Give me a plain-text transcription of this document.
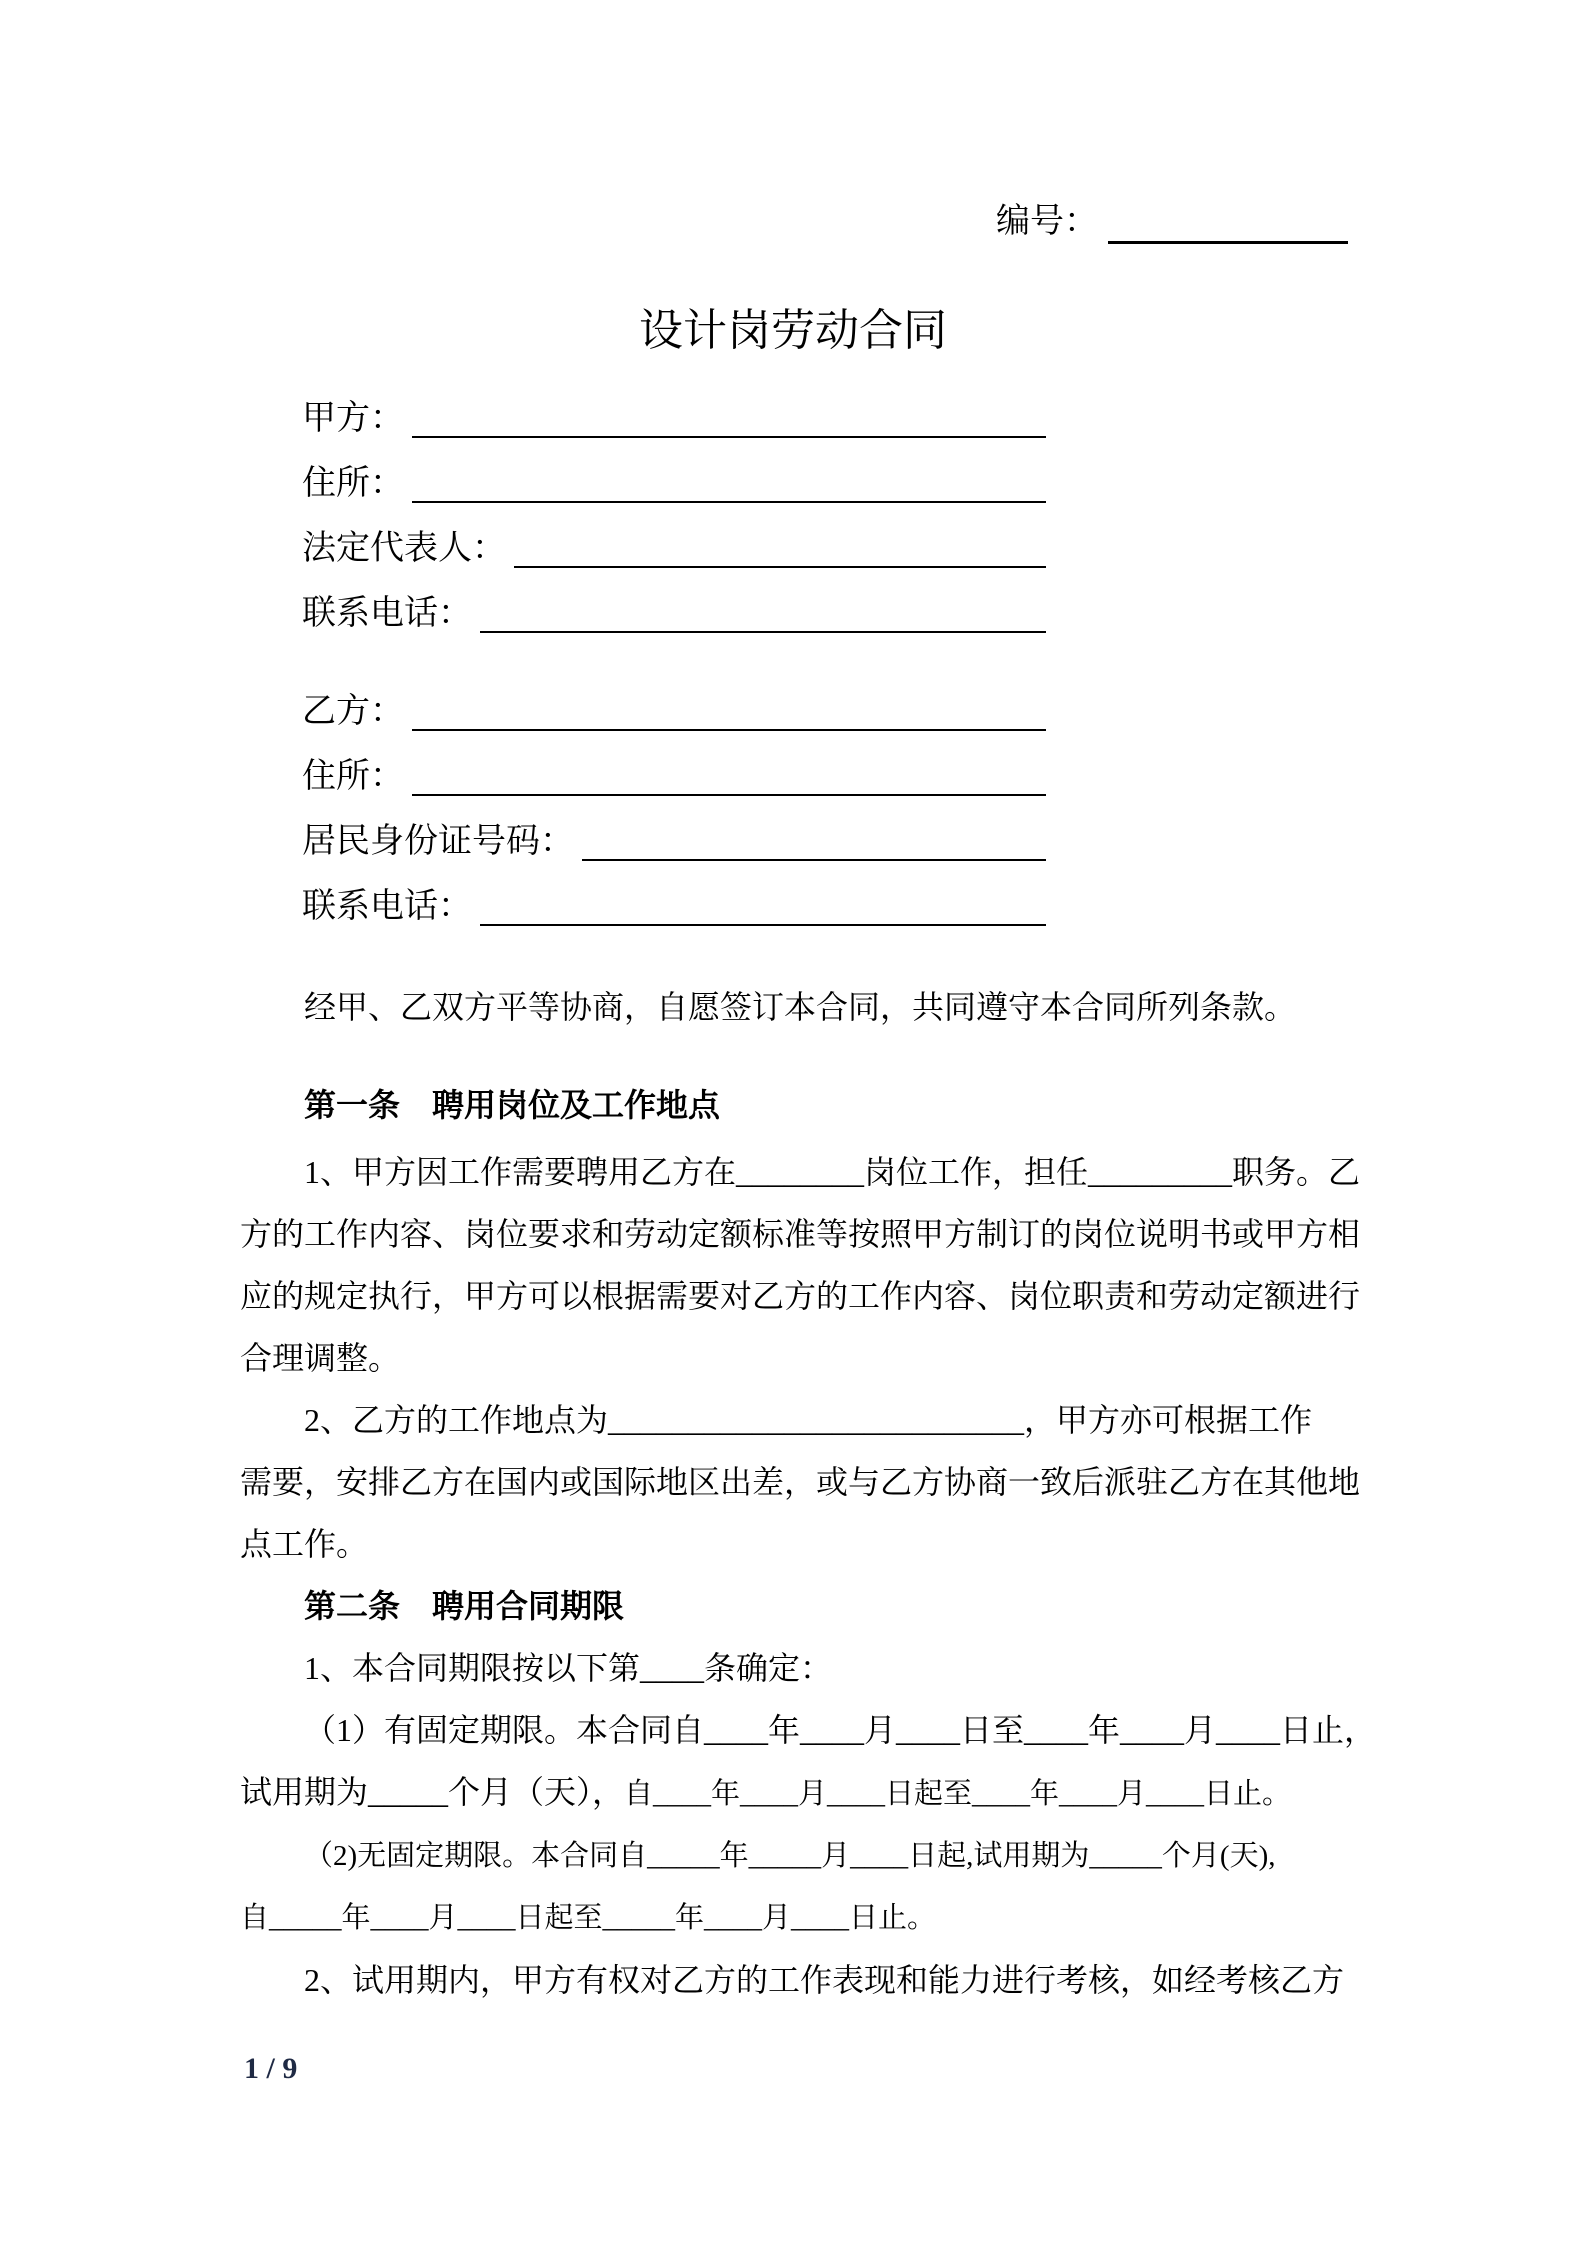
编号：
设计岗劳动合同
甲方：
住所：
法定代表人：
联系电话：
乙方：
住所：
居民身份证号码：
联系电话：
经甲、乙双方平等协商，自愿签订本合同，共同遵守本合同所列条款。
第一条　聘用岗位及工作地点
1、甲方因工作需要聘用乙方在________岗位工作，担任_________职务。乙
方的工作内容、岗位要求和劳动定额标准等按照甲方制订的岗位说明书或甲方相
应的规定执行，甲方可以根据需要对乙方的工作内容、岗位职责和劳动定额进行
合理调整。
2、乙方的工作地点为__________________________，甲方亦可根据工作
需要，安排乙方在国内或国际地区出差，或与乙方协商一致后派驻乙方在其他地
点工作。
第二条　聘用合同期限
1、本合同期限按以下第____条确定：
（1）有固定期限。本合同自____年____月____日至____年____月____日止，
试用期为_____个月（天），自____年____月____日起至____年____月____日止。
（2)无固定期限。本合同自_____年_____月____日起,试用期为_____个月(天),
自_____年____月____日起至_____年____月____日止。
2、试用期内，甲方有权对乙方的工作表现和能力进行考核，如经考核乙方
1 / 9
